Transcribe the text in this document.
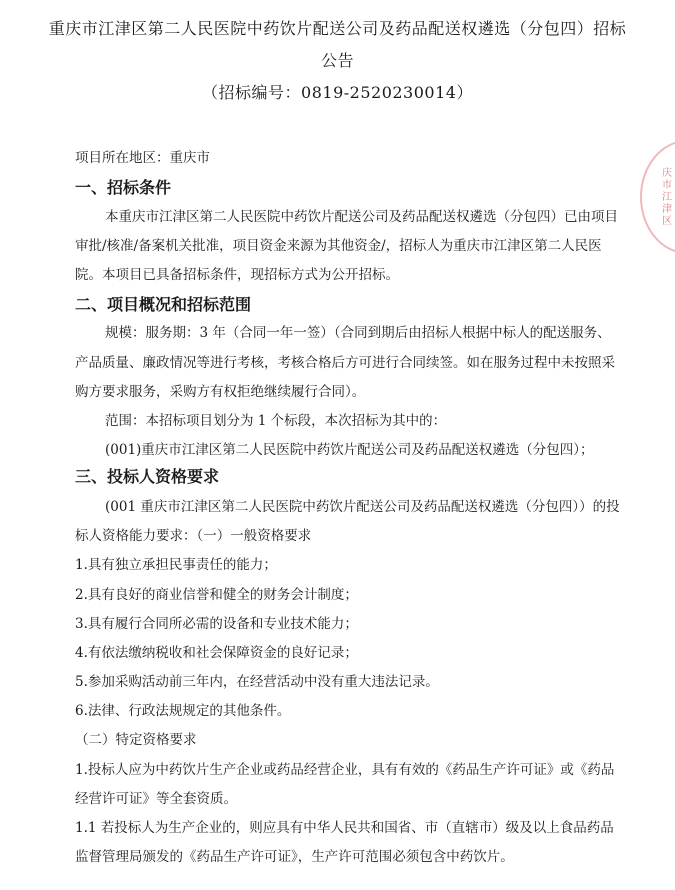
重庆市江津区第二人民医院中药饮片配送公司及药品配送权遴选（分包四）招标
公告
（招标编号：0819-2520230014）
项目所在地区：重庆市
一、招标条件
本重庆市江津区第二人民医院中药饮片配送公司及药品配送权遴选（分包四）已由项目
审批/核准/备案机关批准，项目资金来源为其他资金/，招标人为重庆市江津区第二人民医
院。本项目已具备招标条件，现招标方式为公开招标。
二、项目概况和招标范围
规模：服务期：3 年（合同一年一签）（合同到期后由招标人根据中标人的配送服务、
产品质量、廉政情况等进行考核，考核合格后方可进行合同续签。如在服务过程中未按照采
购方要求服务，采购方有权拒绝继续履行合同）。
范围：本招标项目划分为 1 个标段，本次招标为其中的：
(001)重庆市江津区第二人民医院中药饮片配送公司及药品配送权遴选（分包四）；
三、投标人资格要求
(001 重庆市江津区第二人民医院中药饮片配送公司及药品配送权遴选（分包四））的投
标人资格能力要求：（一）一般资格要求
1.具有独立承担民事责任的能力；
2.具有良好的商业信誉和健全的财务会计制度；
3.具有履行合同所必需的设备和专业技术能力；
4.有依法缴纳税收和社会保障资金的良好记录；
5.参加采购活动前三年内，在经营活动中没有重大违法记录。
6.法律、行政法规规定的其他条件。
（二）特定资格要求
1.投标人应为中药饮片生产企业或药品经营企业，具有有效的《药品生产许可证》或《药品
经营许可证》等全套资质。
1.1 若投标人为生产企业的，则应具有中华人民共和国省、市（直辖市）级及以上食品药品
监督管理局颁发的《药品生产许可证》，生产许可范围必须包含中药饮片。
庆市江津区
